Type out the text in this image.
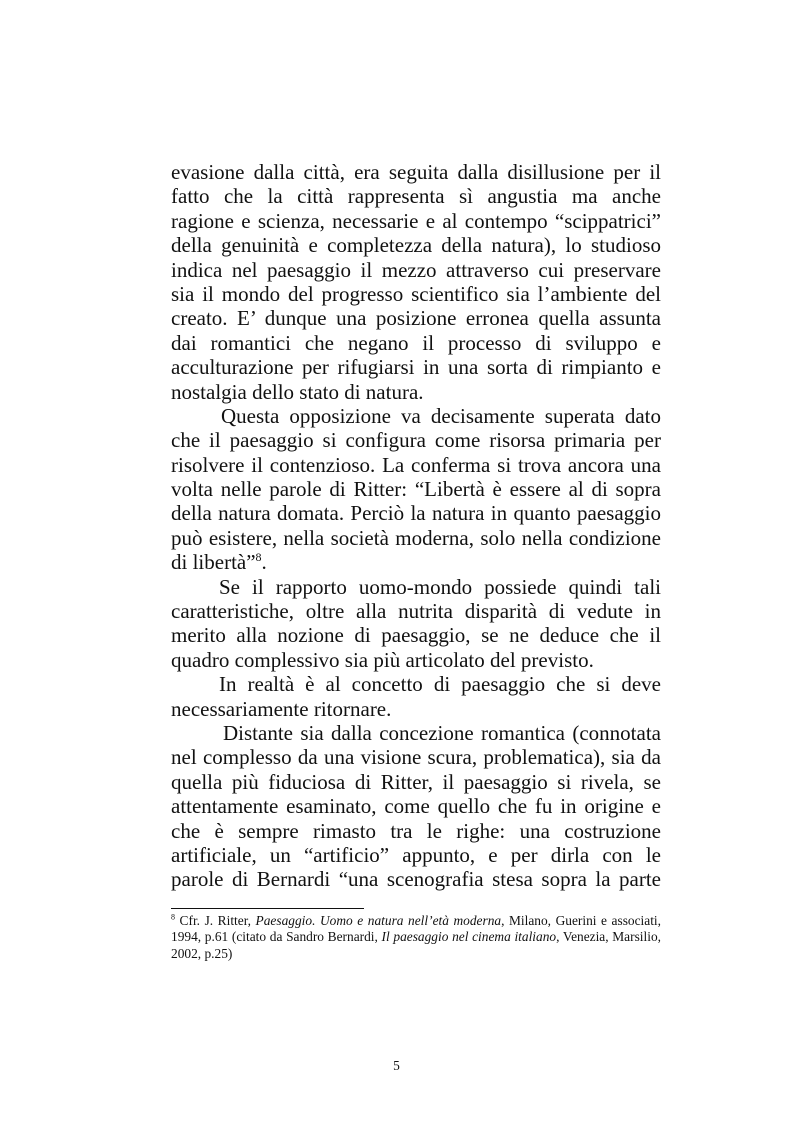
evasione dalla città, era seguita dalla disillusione per il
fatto che la città rappresenta sì angustia ma anche
ragione e scienza, necessarie e al contempo “scippatrici”
della genuinità e completezza della natura), lo studioso
indica nel paesaggio il mezzo attraverso cui preservare
sia il mondo del progresso scientifico sia l’ambiente del
creato. E’ dunque una posizione erronea quella assunta
dai romantici che negano il processo di sviluppo e
acculturazione per rifugiarsi in una sorta di rimpianto e
nostalgia dello stato di natura.
Questa opposizione va decisamente superata dato
che il paesaggio si configura come risorsa primaria per
risolvere il contenzioso. La conferma si trova ancora una
volta nelle parole di Ritter: “Libertà è essere al di sopra
della natura domata. Perciò la natura in quanto paesaggio
può esistere, nella società moderna, solo nella condizione
di libertà”$^8$.
Se il rapporto uomo-mondo possiede quindi tali
caratteristiche, oltre alla nutrita disparità di vedute in
merito alla nozione di paesaggio, se ne deduce che il
quadro complessivo sia più articolato del previsto.
In realtà è al concetto di paesaggio che si deve
necessariamente ritornare.
Distante sia dalla concezione romantica (connotata
nel complesso da una visione scura, problematica), sia da
quella più fiduciosa di Ritter, il paesaggio si rivela, se
attentamente esaminato, come quello che fu in origine e
che è sempre rimasto tra le righe: una costruzione
artificiale, un “artificio” appunto, e per dirla con le
parole di Bernardi “una scenografia stesa sopra la parte
$^8$ Cfr. J. Ritter, Paesaggio. Uomo e natura nell’età moderna, Milano, Guerini e associati,
1994, p.61 (citato da Sandro Bernardi, Il paesaggio nel cinema italiano, Venezia, Marsilio,
2002, p.25)
5
